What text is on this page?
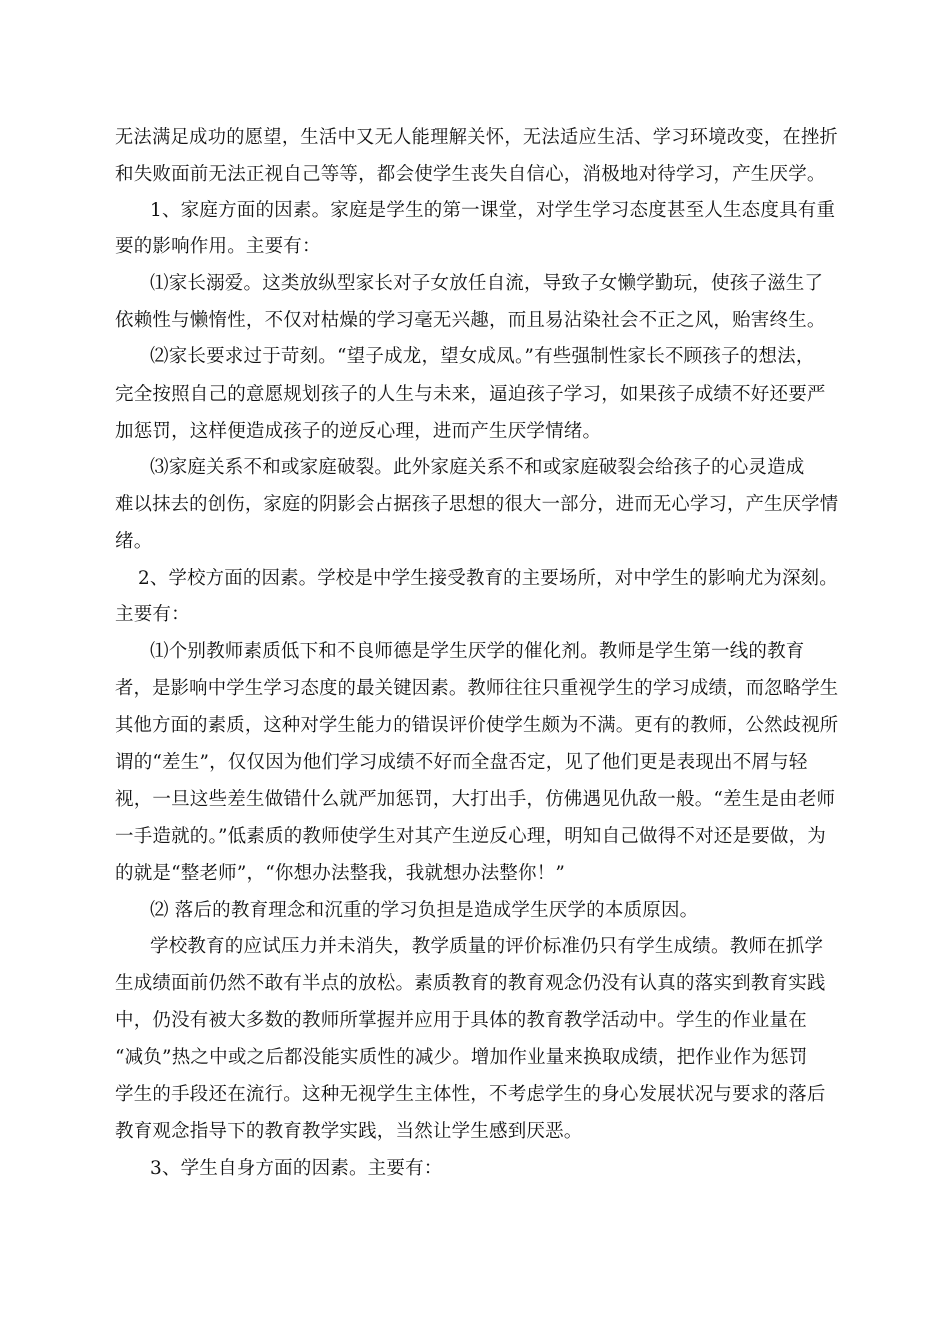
无法满足成功的愿望，生活中又无人能理解关怀，无法适应生活、学习环境改变，在挫折
和失败面前无法正视自己等等，都会使学生丧失自信心，消极地对待学习，产生厌学。
1、家庭方面的因素。家庭是学生的第一课堂，对学生学习态度甚至人生态度具有重
要的影响作用。主要有：
⑴家长溺爱。这类放纵型家长对子女放任自流，导致子女懒学勤玩，使孩子滋生了
依赖性与懒惰性，不仅对枯燥的学习毫无兴趣，而且易沾染社会不正之风，贻害终生。
⑵家长要求过于苛刻。“望子成龙，望女成凤。”有些强制性家长不顾孩子的想法，
完全按照自己的意愿规划孩子的人生与未来，逼迫孩子学习，如果孩子成绩不好还要严
加惩罚，这样便造成孩子的逆反心理，进而产生厌学情绪。
⑶家庭关系不和或家庭破裂。此外家庭关系不和或家庭破裂会给孩子的心灵造成
难以抹去的创伤，家庭的阴影会占据孩子思想的很大一部分，进而无心学习，产生厌学情
绪。
2、学校方面的因素。学校是中学生接受教育的主要场所，对中学生的影响尤为深刻。
主要有：
⑴个别教师素质低下和不良师德是学生厌学的催化剂。教师是学生第一线的教育
者，是影响中学生学习态度的最关键因素。教师往往只重视学生的学习成绩，而忽略学生
其他方面的素质，这种对学生能力的错误评价使学生颇为不满。更有的教师，公然歧视所
谓的“差生”，仅仅因为他们学习成绩不好而全盘否定，见了他们更是表现出不屑与轻
视，一旦这些差生做错什么就严加惩罚，大打出手，仿佛遇见仇敌一般。“差生是由老师
一手造就的。”低素质的教师使学生对其产生逆反心理，明知自己做得不对还是要做，为
的就是“整老师”，“你想办法整我，我就想办法整你！”
⑵ 落后的教育理念和沉重的学习负担是造成学生厌学的本质原因。
学校教育的应试压力并未消失，教学质量的评价标准仍只有学生成绩。教师在抓学
生成绩面前仍然不敢有半点的放松。素质教育的教育观念仍没有认真的落实到教育实践
中，仍没有被大多数的教师所掌握并应用于具体的教育教学活动中。学生的作业量在
“减负”热之中或之后都没能实质性的减少。增加作业量来换取成绩，把作业作为惩罚
学生的手段还在流行。这种无视学生主体性，不考虑学生的身心发展状况与要求的落后
教育观念指导下的教育教学实践，当然让学生感到厌恶。
3、学生自身方面的因素。主要有：
